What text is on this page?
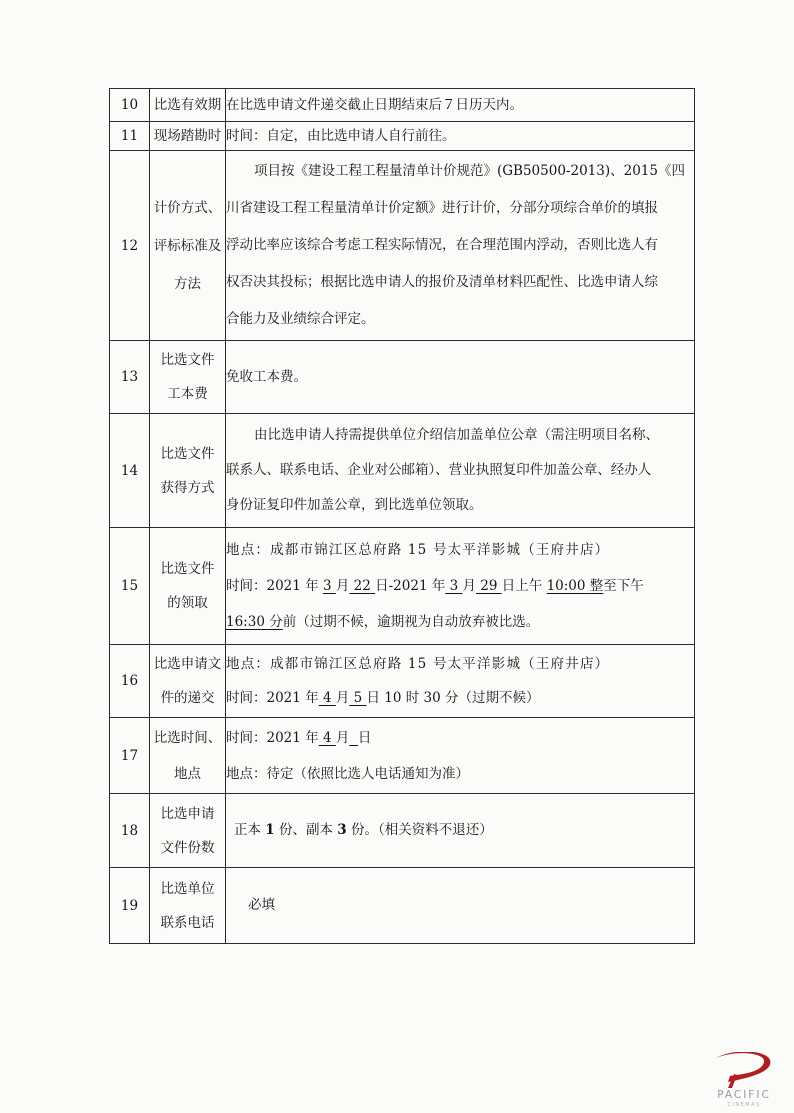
10	比选有效期	在比选申请文件递交截止日期结束后７日历天内。

11	现场踏勘时	时间：自定，由比选申请人自行前往。

12	计价方式、
评标标准及
方法	项目按《建设工程工程量清单计价规范》(GB50500-2013)、2015《四
川省建设工程工程量清单计价定额》进行计价，分部分项综合单价的填报
浮动比率应该综合考虑工程实际情况，在合理范围内浮动，否则比选人有
权否决其投标；根据比选申请人的报价及清单材料匹配性、比选申请人综
合能力及业绩综合评定。

13	比选文件
工本费	免收工本费。

14	比选文件
获得方式	由比选申请人持需提供单位介绍信加盖单位公章（需注明项目名称、
联系人、联系电话、企业对公邮箱）、营业执照复印件加盖公章、经办人
身份证复印件加盖公章，到比选单位领取。

15	比选文件
的领取	地点：成都市锦江区总府路 15 号太平洋影城（王府井店）
时间：2021 年 3 月 22 日-2021 年 3 月 29 日上午 10:00 整至下午
16:30 分前（过期不候，逾期视为自动放弃被比选。

16	比选申请文
件的递交	地点：成都市锦江区总府路 15 号太平洋影城（王府井店）
时间：2021 年 4 月 5 日 10 时 30 分（过期不候）

17	比选时间、
地点	时间：2021 年 4 月 日
地点：待定（依照比选人电话通知为准）

18	比选申请
文件份数	正本 1 份、副本 3 份。（相关资料不退还）

19	比选单位
联系电话	必填
PACIFIC
CINEMAS
